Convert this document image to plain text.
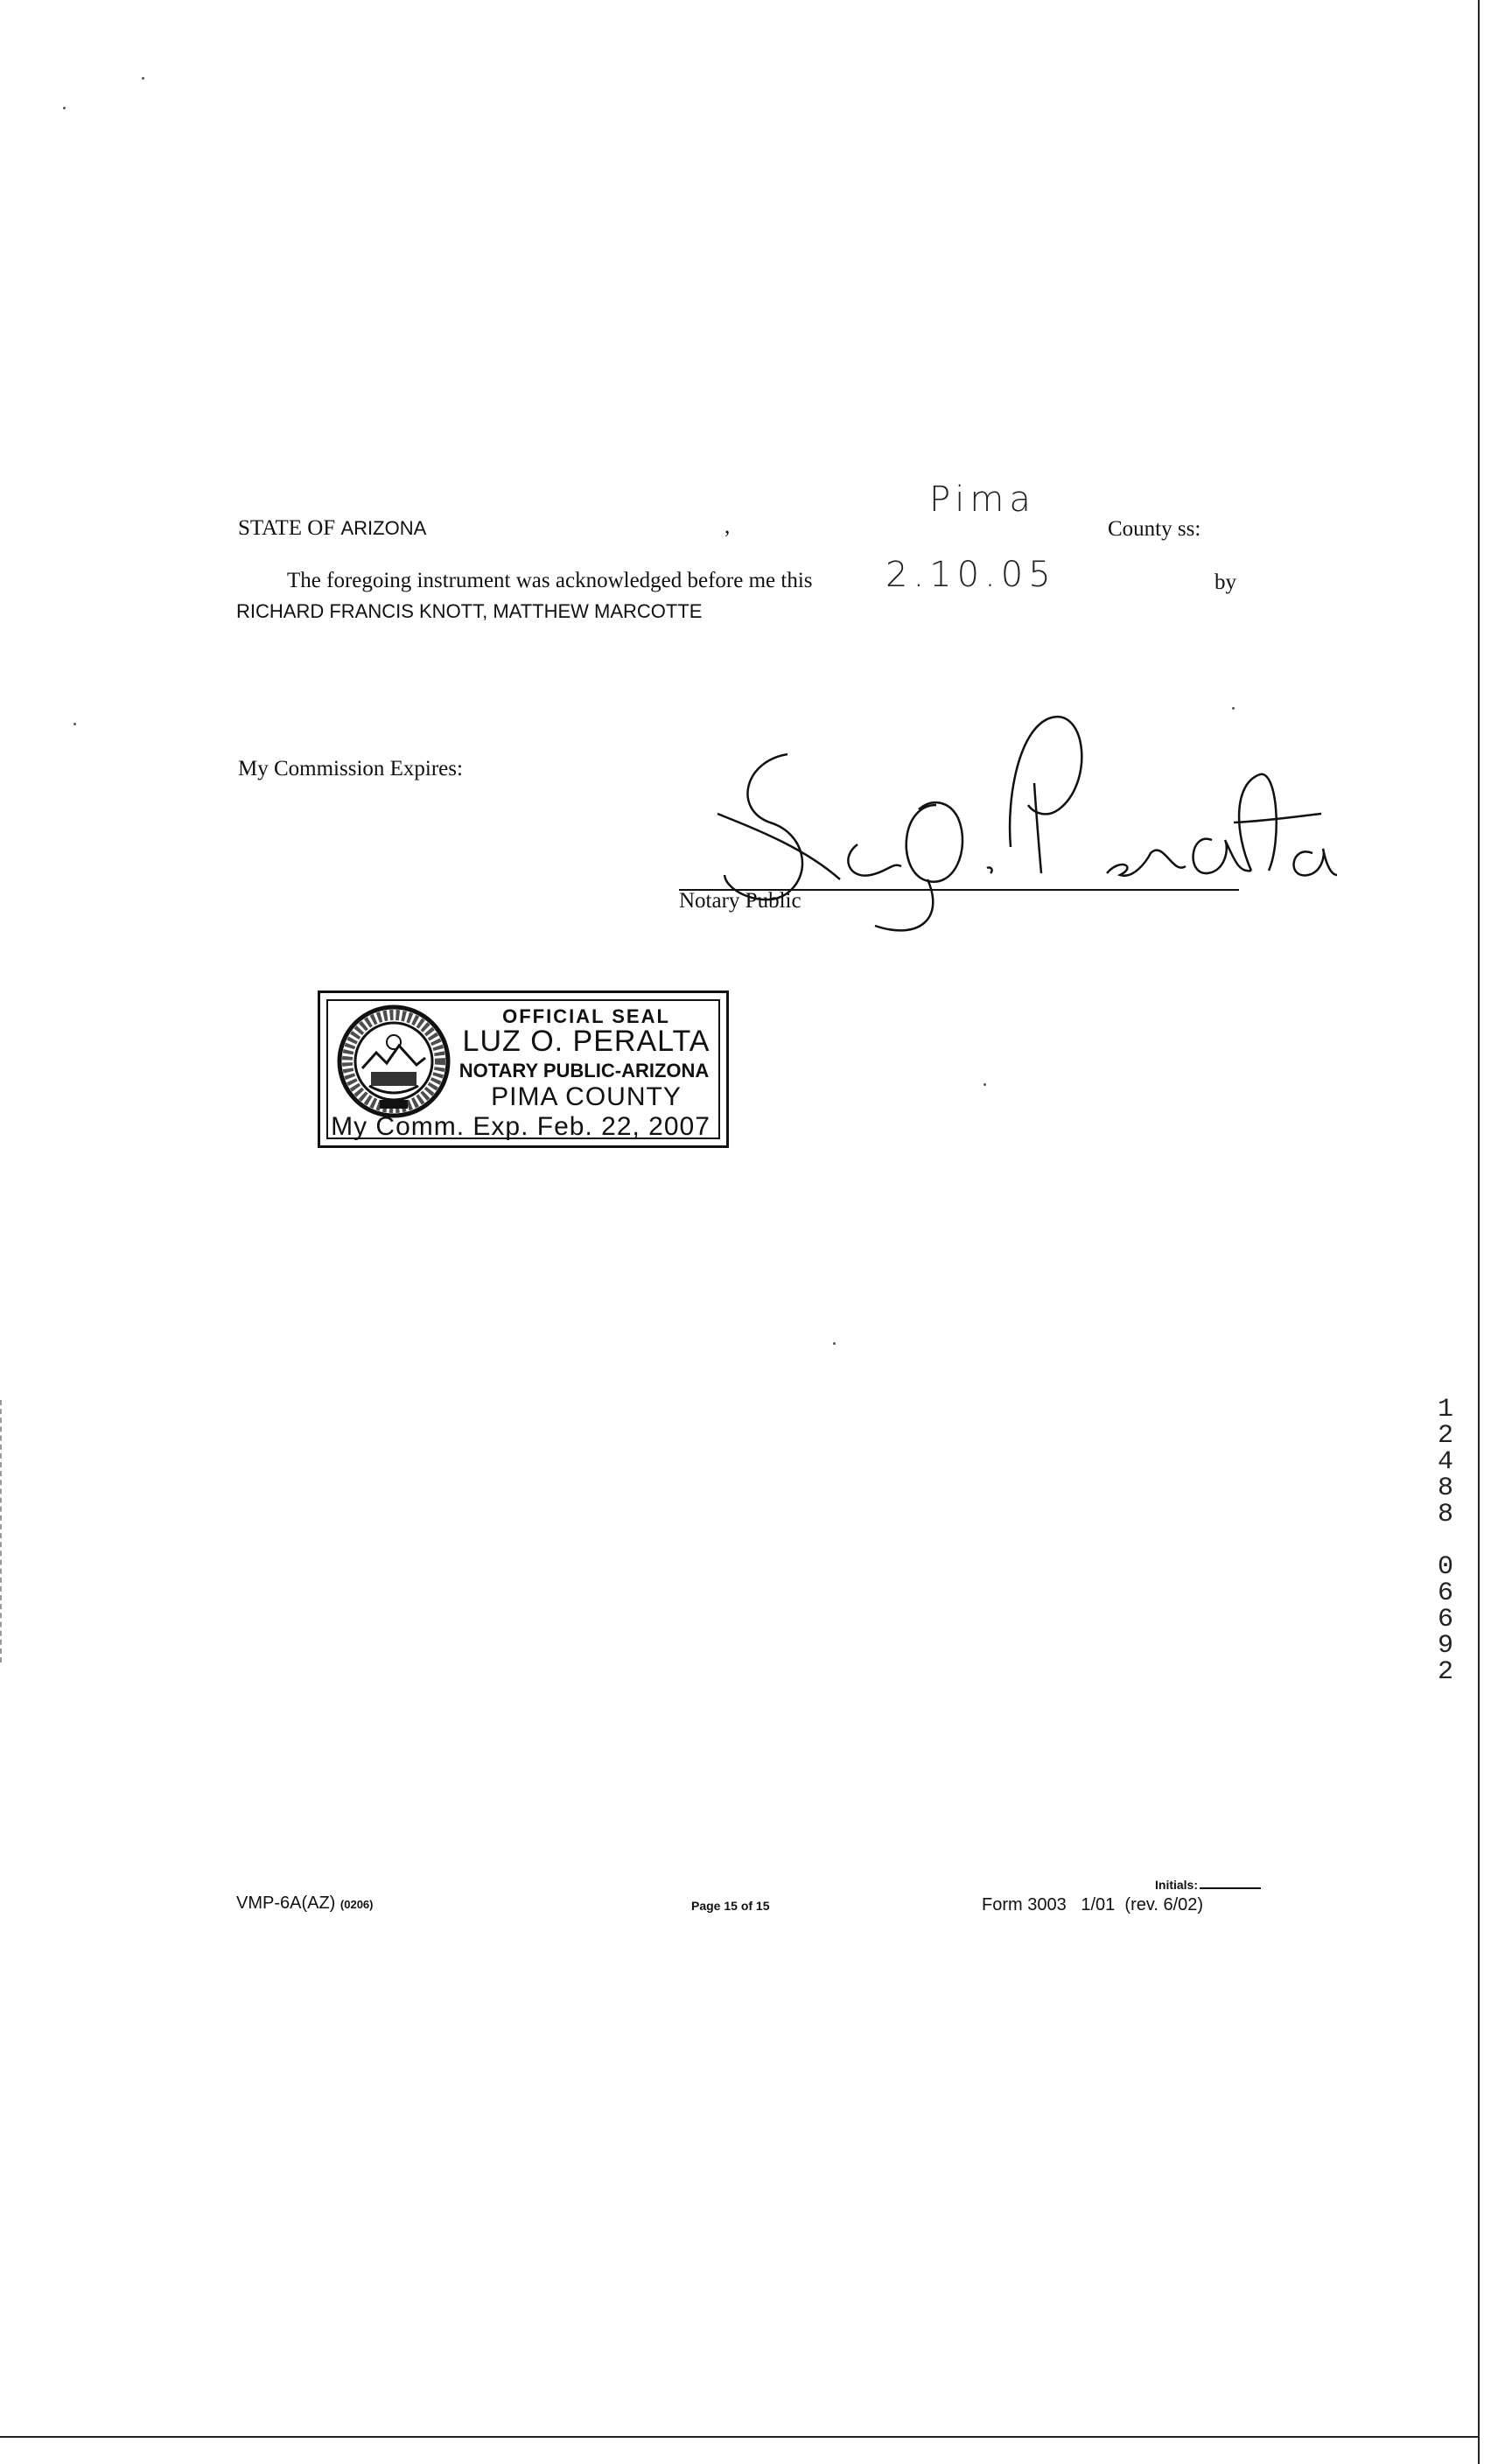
STATE OF ARIZONA	,
Pima
County ss:
The foregoing instrument was acknowledged before me this 2.10.05	by
RICHARD FRANCIS KNOTT, MATTHEW MARCOTTE
My Commission Expires:
Notary Public
OFFICIAL SEAL
LUZ O. PERALTA
NOTARY PUBLIC-ARIZONA
PIMA COUNTY
My Comm. Exp. Feb. 22, 2007
1
2
4
8
8

0
6
6
9
2
VMP-6A(AZ) (0206)	Page 15 of 15
Initials:
Form 3003   1/01  (rev. 6/02)
